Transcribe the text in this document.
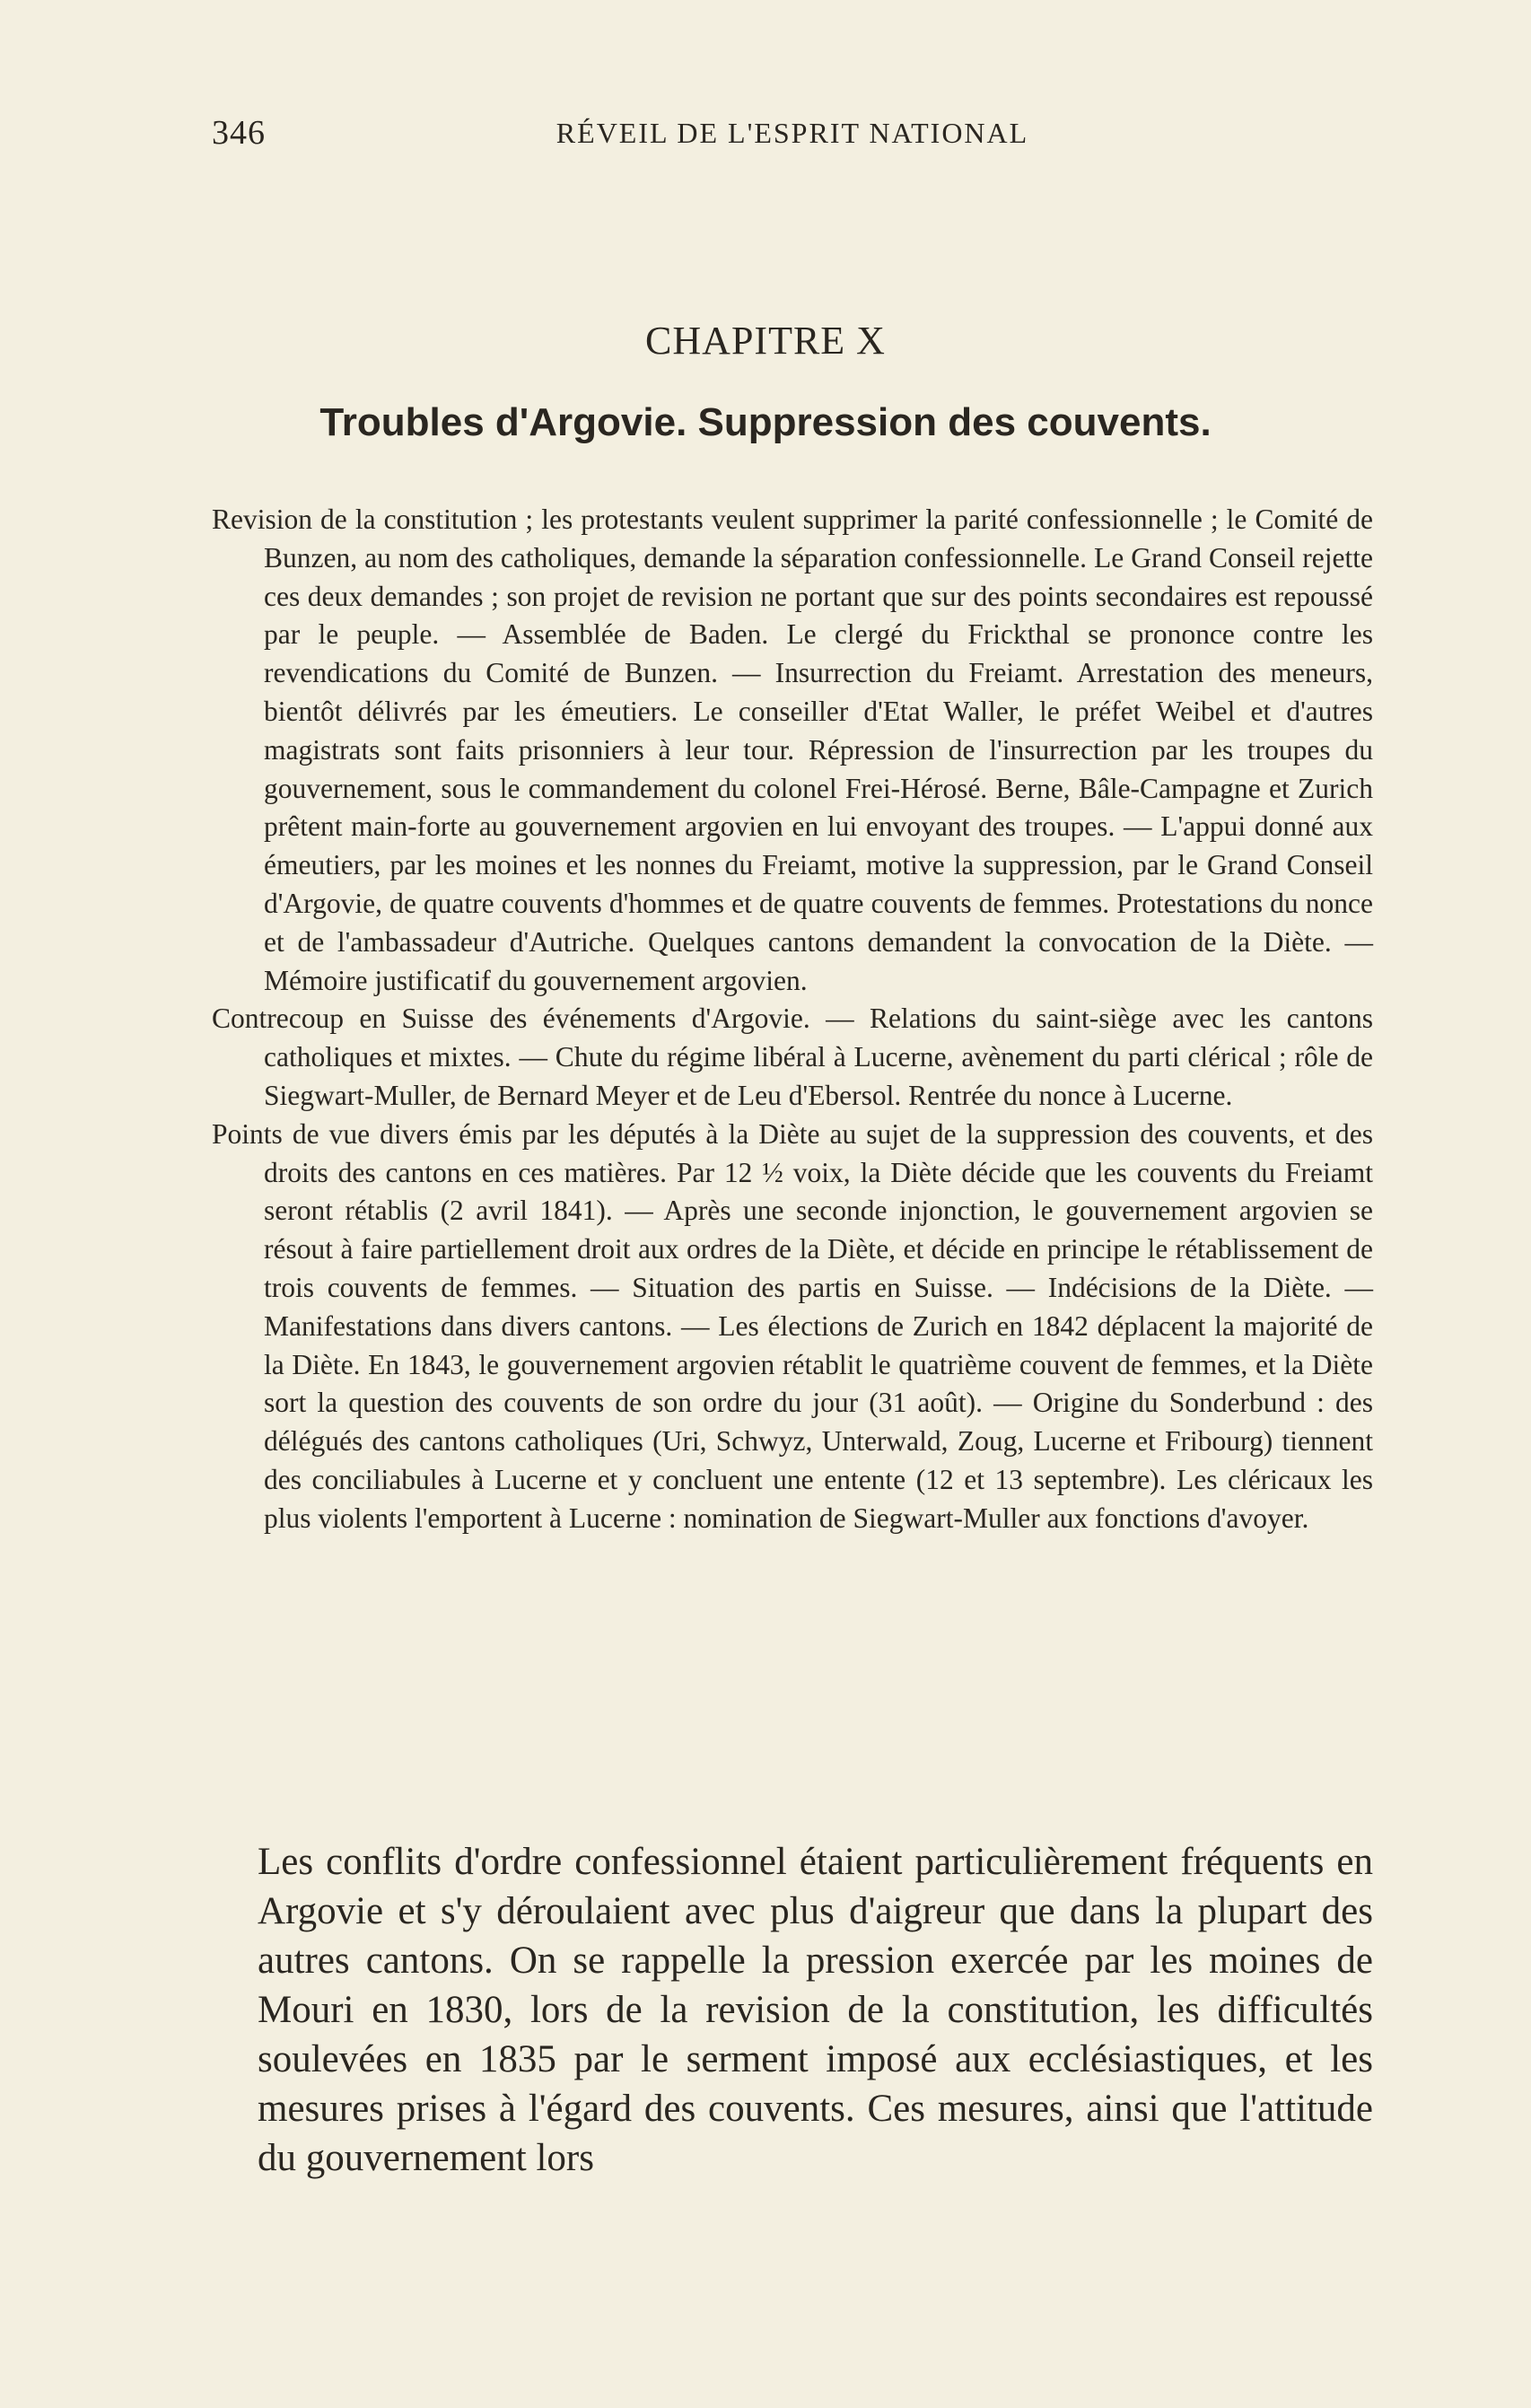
346	RÉVEIL DE L'ESPRIT NATIONAL
CHAPITRE X
Troubles d'Argovie. Suppression des couvents.

Revision de la constitution ; les protestants veulent supprimer la parité confessionnelle ; le Comité de Bunzen, au nom des catholiques, demande la séparation confessionnelle. Le Grand Conseil rejette ces deux demandes ; son projet de revision ne portant que sur des points secondaires est repoussé par le peuple. — Assemblée de Baden. Le clergé du Frickthal se prononce contre les revendications du Comité de Bunzen. — Insurrection du Freiamt. Arrestation des meneurs, bientôt délivrés par les émeutiers. Le conseiller d'Etat Waller, le préfet Weibel et d'autres magistrats sont faits prisonniers à leur tour. Répression de l'insurrection par les troupes du gouvernement, sous le commandement du colonel Frei-Hérosé. Berne, Bâle-Campagne et Zurich prêtent main-forte au gouvernement argovien en lui envoyant des troupes. — L'appui donné aux émeutiers, par les moines et les nonnes du Freiamt, motive la suppression, par le Grand Conseil d'Argovie, de quatre couvents d'hommes et de quatre couvents de femmes. Protestations du nonce et de l'ambassadeur d'Autriche. Quelques cantons demandent la convocation de la Diète. — Mémoire justificatif du gouvernement argovien.

Contrecoup en Suisse des événements d'Argovie. — Relations du saint-siège avec les cantons catholiques et mixtes. — Chute du régime libéral à Lucerne, avènement du parti clérical ; rôle de Siegwart-Muller, de Bernard Meyer et de Leu d'Ebersol. Rentrée du nonce à Lucerne.

Points de vue divers émis par les députés à la Diète au sujet de la suppression des couvents, et des droits des cantons en ces matières. Par 12 ½ voix, la Diète décide que les couvents du Freiamt seront rétablis (2 avril 1841). — Après une seconde injonction, le gouvernement argovien se résout à faire partiellement droit aux ordres de la Diète, et décide en principe le rétablissement de trois couvents de femmes. — Situation des partis en Suisse. — Indécisions de la Diète. — Manifestations dans divers cantons. — Les élections de Zurich en 1842 déplacent la majorité de la Diète. En 1843, le gouvernement argovien rétablit le quatrième couvent de femmes, et la Diète sort la question des couvents de son ordre du jour (31 août). — Origine du Sonderbund : des délégués des cantons catholiques (Uri, Schwyz, Unterwald, Zoug, Lucerne et Fribourg) tiennent des conciliabules à Lucerne et y concluent une entente (12 et 13 septembre). Les cléricaux les plus violents l'emportent à Lucerne : nomination de Siegwart-Muller aux fonctions d'avoyer.

Les conflits d'ordre confessionnel étaient particulièrement fréquents en Argovie et s'y déroulaient avec plus d'aigreur que dans la plupart des autres cantons. On se rappelle la pression exercée par les moines de Mouri en 1830, lors de la revision de la constitution, les difficultés soulevées en 1835 par le serment imposé aux ecclésiastiques, et les mesures prises à l'égard des couvents. Ces mesures, ainsi que l'attitude du gouvernement lors
